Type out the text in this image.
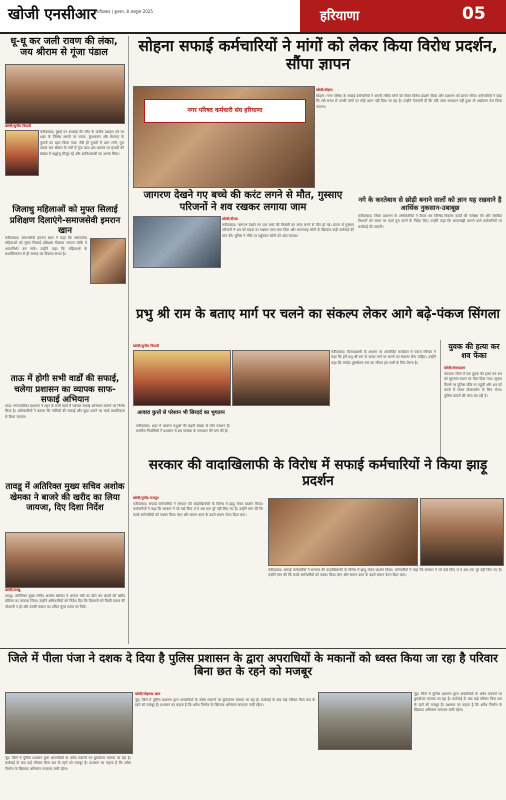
खोजी एनसीआर फरीदाबाद | बुधवार, 8 अक्टूबर 2025	हरियाणा	05
धू-धू कर जली रावण की लंका, जय श्रीराम से गूंजा पंडाल
खोजी/सुनील त्रिपाठी
फरीदाबाद। बुराई पर अच्छाई की जीत के प्रतीक दशहरा पर्व पर शहर के विभिन्न स्थानों पर रावण, कुंभकरण और मेघनाद के पुतलों का दहन किया गया। जैसे ही पुतलों में आग लगी, पूरा पंडाल जय श्रीराम के नारों से गूंज उठा। इस अवसर पर हजारों की संख्या में श्रद्धालु मौजूद रहे और आतिशबाजी का आनंद लिया।
जिलाधु महिलाओं को मुफ्त सिलाई प्रशिक्षण दिलाएंगे-समाजसेवी इमरान खान
फरीदाबाद। समाजसेवी इमरान खान ने कहा कि जरूरतमंद महिलाओं को मुफ्त सिलाई प्रशिक्षण दिलाया जाएगा ताकि वे आत्मनिर्भर बन सकें। उन्होंने कहा कि महिलाओं के सशक्तिकरण से ही समाज का विकास संभव है।
ताऊ में होगी सभी वार्डों की सफाई, चलेगा प्रशासन का व्यापक साफ-सफाई अभियान
ताऊ। नगरपालिका प्रशासन ने शहर के सभी वार्डों में व्यापक सफाई अभियान चलाने का निर्णय लिया है। अधिकारियों ने बताया कि नालियों की सफाई और कूड़ा उठाने का कार्य प्राथमिकता से किया जाएगा।
तावडू में अतिरिक्त मुख्य सचिव अशोक खेमका ने बाजरे की खरीद का लिया जायजा, दिए दिशा निर्देश
खोजी/तावडू
तावडू। अतिरिक्त मुख्य सचिव अशोक खेमका ने अनाज मंडी का दौरा कर बाजरे की खरीद प्रक्रिया का जायजा लिया। उन्होंने अधिकारियों को निर्देश दिए कि किसानों को किसी प्रकार की परेशानी न हो और उनकी फसल का उचित मूल्य समय पर मिले।
सोहना सफाई कर्मचारियों ने मांगों को लेकर किया विरोध प्रदर्शन, सौंपा ज्ञापन
नगर परिषद कर्मचारी संघ हरियाणा
खोजी/सोहना
सोहना। नगर परिषद के सफाई कर्मचारियों ने अपनी लंबित मांगों को लेकर विरोध प्रदर्शन किया और प्रशासन को ज्ञापन सौंपा। कर्मचारियों ने कहा कि लंबे समय से उनकी मांगों पर कोई ध्यान नहीं दिया जा रहा है। उन्होंने चेतावनी दी कि यदि जल्द समाधान नहीं हुआ तो आंदोलन तेज किया जाएगा।
जागरण देखने गए बच्चे की करंट लगने से मौत, गुस्साए परिजनों ने शव रखकर लगाया जाम
खोजी/दीपक
फरीदाबाद। जागरण देखने गए एक बच्चे की बिजली का करंट लगने से मौत हो गई। घटना से गुस्साए परिजनों ने शव को सड़क पर रखकर जाम लगा दिया और लापरवाह लोगों के खिलाफ कड़ी कार्रवाई की मांग की। पुलिस ने मौके पर पहुंचकर लोगों को शांत कराया।
नगे के करतेबाव से छोड़ी बनाने वालों को ज्ञान यह रखवाने है आर्थिक नुकसान-उबाबूछ
फरीदाबाद। जिला प्रशासन के अधिकारियों ने बैठक कर विभिन्न विकास कार्यों की समीक्षा की और संबंधित विभागों को समय पर कार्य पूरा करने के निर्देश दिए। उन्होंने कहा कि लापरवाही बरतने वाले कर्मचारियों पर कार्रवाई की जाएगी।
प्रभु श्री राम के बताए मार्ग पर चलने का संकल्प लेकर आगे बढ़े-पंकज सिंगला
खोजी/सुनील त्रिपाठी
फरीदाबाद। विजयदशमी के अवसर पर आयोजित कार्यक्रम में पंकज सिंगला ने कहा कि हमें प्रभु श्री राम के बताए मार्ग पर चलने का संकल्प लेना चाहिए। उन्होंने कहा कि मर्यादा पुरुषोत्तम राम का जीवन हम सभी के लिए प्रेरणा है।
युवक की हत्या कर शव फेंका
खोजी/संवाददाता
पलवल। जिले में एक युवक की हत्या कर शव को सुनसान स्थान पर फेंक दिया गया। सूचना मिलने पर पुलिस मौके पर पहुंची और शव को कब्जे में लेकर पोस्टमार्टम के लिए भेजा। पुलिस मामले की जांच कर रही है।
आवारा कुत्तों से परेशान भी सिरदर्द का भुगतान
फरीदाबाद। शहर में आवारा पशुओं की बढ़ती संख्या से लोग परेशान हैं। स्थानीय निवासियों ने प्रशासन से इस समस्या के समाधान की मांग की है।
सरकार की वादाखिलाफी के विरोध में सफाई कर्मचारियों ने किया झाड़ू प्रदर्शन
खोजी/पुष्पेंद्र राजपूत
फरीदाबाद। सफाई कर्मचारियों ने सरकार की वादाखिलाफी के विरोध में झाड़ू लेकर प्रदर्शन किया। कर्मचारियों ने कहा कि सरकार ने जो वादे किए थे वे अब तक पूरे नहीं किए गए हैं। उन्होंने मांग की कि कच्चे कर्मचारियों को पक्का किया जाए और समान काम के बदले समान वेतन दिया जाए।
फरीदाबाद। सफाई कर्मचारियों ने सरकार की वादाखिलाफी के विरोध में झाड़ू लेकर प्रदर्शन किया। कर्मचारियों ने कहा कि सरकार ने जो वादे किए थे वे अब तक पूरे नहीं किए गए हैं। उन्होंने मांग की कि कच्चे कर्मचारियों को पक्का किया जाए और समान काम के बदले समान वेतन दिया जाए।
जिले में पीला पंजा ने दशक दे दिया है पुलिस प्रशासन के द्वारा अपराधियों के मकानों को ध्वस्त किया जा रहा है परिवार बिना छत के रहने को मजबूर
खोजी/मोहम्मद खान
नूंह। जिले में पुलिस प्रशासन द्वारा अपराधियों के अवैध मकानों पर बुलडोजर चलाया जा रहा है। कार्रवाई के बाद कई परिवार बिना छत के रहने को मजबूर हैं। प्रशासन का कहना है कि अवैध निर्माण के खिलाफ अभियान लगातार जारी रहेगा।
नूंह। जिले में पुलिस प्रशासन द्वारा अपराधियों के अवैध मकानों पर बुलडोजर चलाया जा रहा है। कार्रवाई के बाद कई परिवार बिना छत के रहने को मजबूर हैं। प्रशासन का कहना है कि अवैध निर्माण के खिलाफ अभियान लगातार जारी रहेगा।
नूंह। जिले में पुलिस प्रशासन द्वारा अपराधियों के अवैध मकानों पर बुलडोजर चलाया जा रहा है। कार्रवाई के बाद कई परिवार बिना छत के रहने को मजबूर हैं। प्रशासन का कहना है कि अवैध निर्माण के खिलाफ अभियान लगातार जारी रहेगा।
